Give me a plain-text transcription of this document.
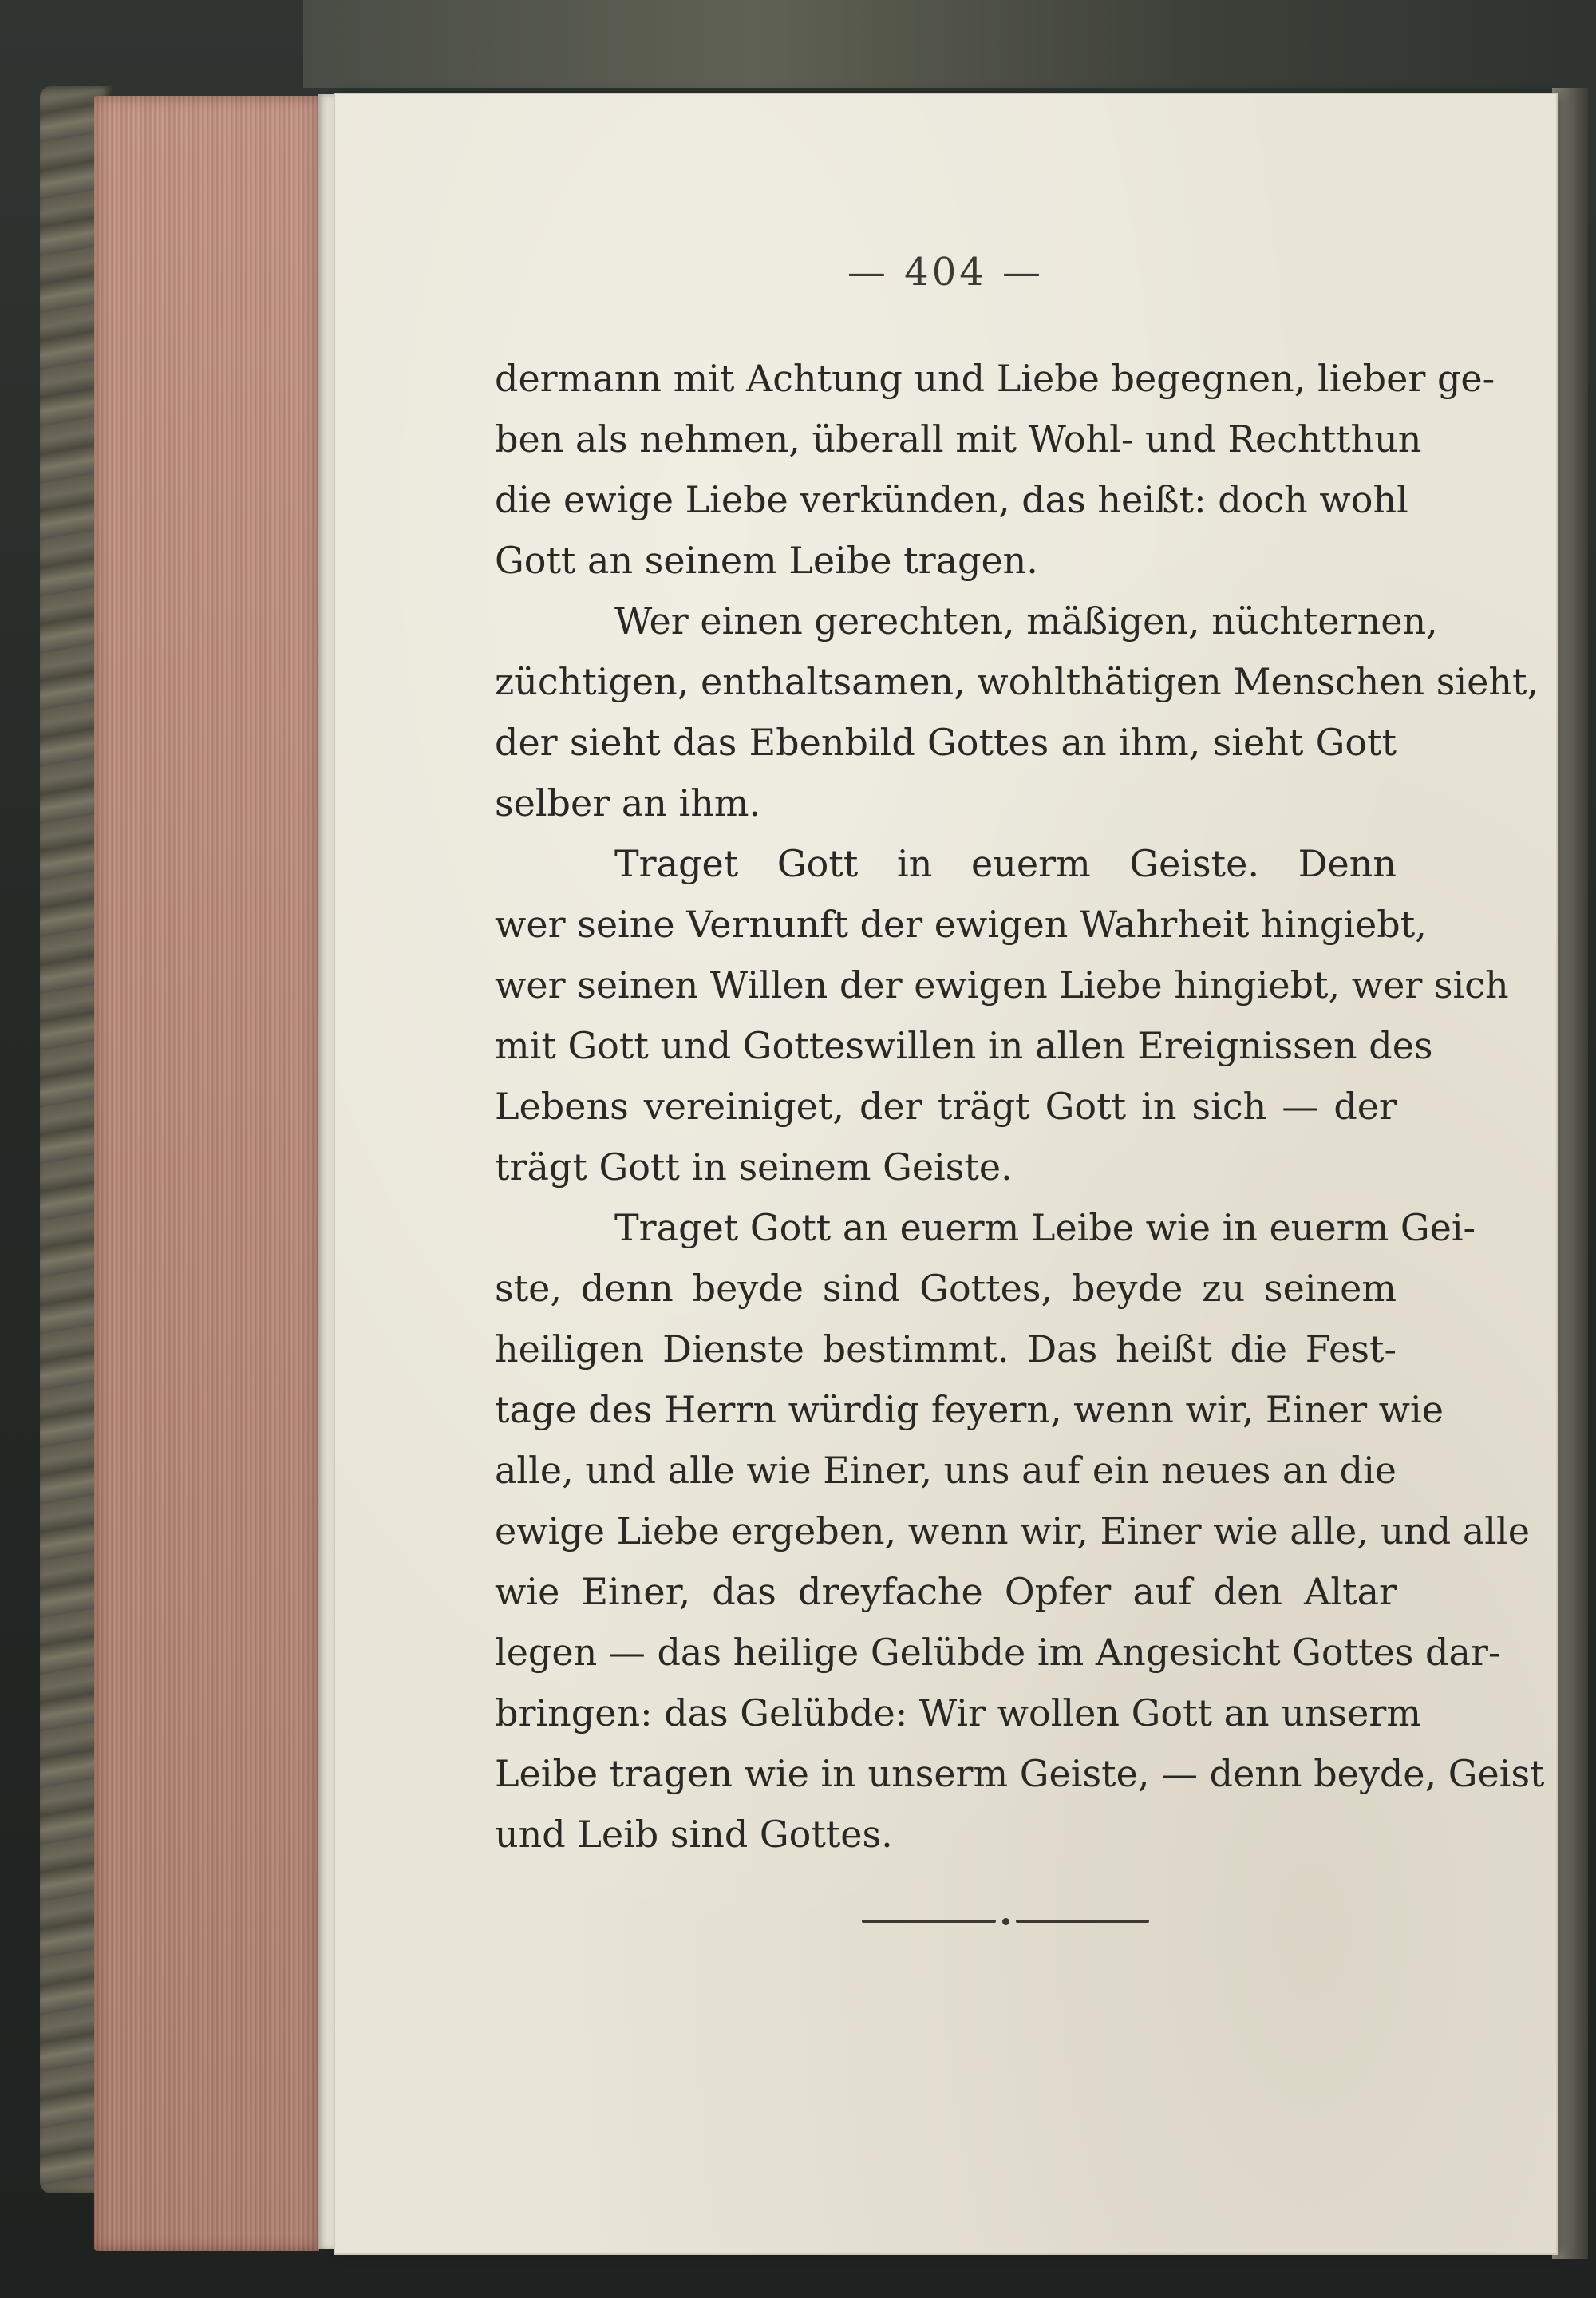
— 404 —
dermann mit Achtung und Liebe begegnen, lieber ge-
ben als nehmen, überall mit Wohl- und Rechtthun
die ewige Liebe verkünden, das heißt: doch wohl
Gott an seinem Leibe tragen.
Wer einen gerechten, mäßigen, nüchternen,
züchtigen, enthaltsamen, wohlthätigen Menschen sieht,
der sieht das Ebenbild Gottes an ihm, sieht Gott
selber an ihm.
Traget Gott in euerm Geiste. Denn
wer seine Vernunft der ewigen Wahrheit hingiebt,
wer seinen Willen der ewigen Liebe hingiebt, wer sich
mit Gott und Gotteswillen in allen Ereignissen des
Lebens vereiniget, der trägt Gott in sich — der
trägt Gott in seinem Geiste.
Traget Gott an euerm Leibe wie in euerm Gei-
ste, denn beyde sind Gottes, beyde zu seinem
heiligen Dienste bestimmt. Das heißt die Fest-
tage des Herrn würdig feyern, wenn wir, Einer wie
alle, und alle wie Einer, uns auf ein neues an die
ewige Liebe ergeben, wenn wir, Einer wie alle, und alle
wie Einer, das dreyfache Opfer auf den Altar
legen — das heilige Gelübde im Angesicht Gottes dar-
bringen: das Gelübde: Wir wollen Gott an unserm
Leibe tragen wie in unserm Geiste, — denn beyde, Geist
und Leib sind Gottes.
